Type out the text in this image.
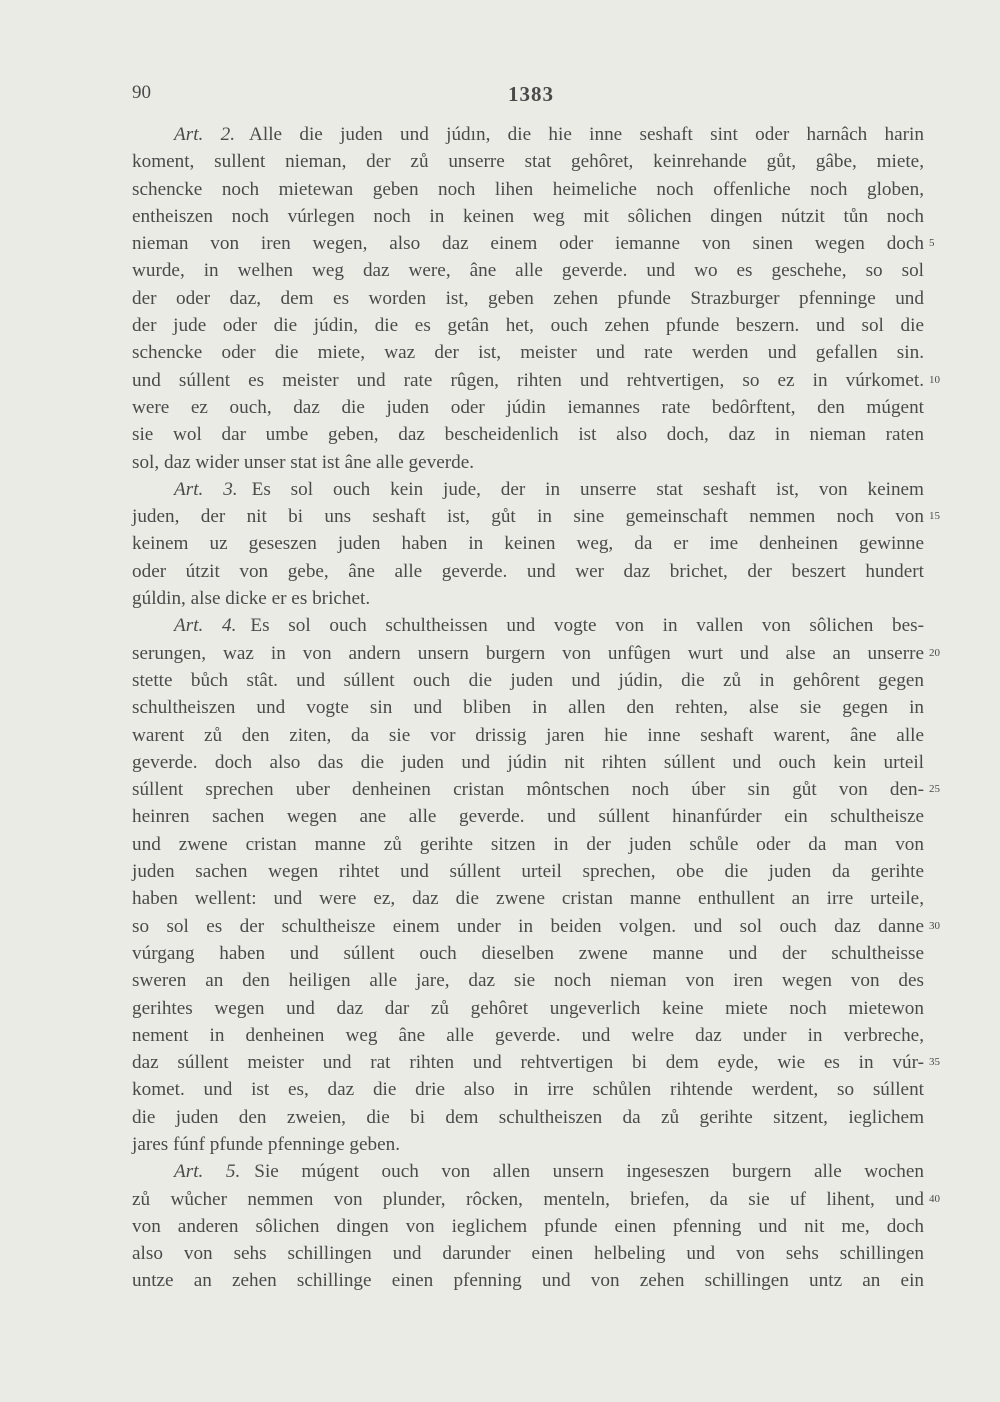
90	1383
Art. 2. Alle die juden und júdın, die hie inne seshaft sint oder harnâch harin
koment, sullent nieman, der zů unserre stat gehôret, keinrehande gůt, gâbe, miete,
schencke noch mietewan geben noch lihen heimeliche noch offenliche noch globen,
entheiszen noch vúrlegen noch in keinen weg mit sôlichen dingen nútzit tůn noch
nieman von iren wegen, also daz einem oder iemanne von sinen wegen doch 5
wurde, in welhen weg daz were, âne alle geverde. und wo es geschehe, so sol
der oder daz, dem es worden ist, geben zehen pfunde Strazburger pfenninge und
der jude oder die júdin, die es getân het, ouch zehen pfunde beszern. und sol die
schencke oder die miete, waz der ist, meister und rate werden und gefallen sin.
und súllent es meister und rate rûgen, rihten und rehtvertigen, so ez in vúrkomet. 10
were ez ouch, daz die juden oder júdin iemannes rate bedôrftent, den múgent
sie wol dar umbe geben, daz bescheidenlich ist also doch, daz in nieman raten
sol, daz wider unser stat ist âne alle geverde.
Art. 3. Es sol ouch kein jude, der in unserre stat seshaft ist, von keinem
juden, der nit bi uns seshaft ist, gůt in sine gemeinschaft nemmen noch von 15
keinem uz geseszen juden haben in keinen weg, da er ime denheinen gewinne
oder útzit von gebe, âne alle geverde. und wer daz brichet, der beszert hundert
gúldin, alse dicke er es brichet.
Art. 4. Es sol ouch schultheissen und vogte von in vallen von sôlichen bes-
serungen, waz in von andern unsern burgern von unfûgen wurt und alse an unserre 20
stette bůch stât. und súllent ouch die juden und júdin, die zů in gehôrent gegen
schultheiszen und vogte sin und bliben in allen den rehten, alse sie gegen in
warent zů den ziten, da sie vor drissig jaren hie inne seshaft warent, âne alle
geverde. doch also das die juden und júdin nit rihten súllent und ouch kein urteil
súllent sprechen uber denheinen cristan môntschen noch úber sin gůt von den- 25
heinren sachen wegen ane alle geverde. und súllent hinanfúrder ein schultheisze
und zwene cristan manne zů gerihte sitzen in der juden schůle oder da man von
juden sachen wegen rihtet und súllent urteil sprechen, obe die juden da gerihte
haben wellent: und were ez, daz die zwene cristan manne enthullent an irre urteile,
so sol es der schultheisze einem under in beiden volgen. und sol ouch daz danne 30
vúrgang haben und súllent ouch dieselben zwene manne und der schultheisse
sweren an den heiligen alle jare, daz sie noch nieman von iren wegen von des
gerihtes wegen und daz dar zů gehôret ungeverlich keine miete noch mietewon
nement in denheinen weg âne alle geverde. und welre daz under in verbreche,
daz súllent meister und rat rihten und rehtvertigen bi dem eyde, wie es in vúr- 35
komet. und ist es, daz die drie also in irre schůlen rihtende werdent, so súllent
die juden den zweien, die bi dem schultheiszen da zů gerihte sitzent, ieglichem
jares fúnf pfunde pfenninge geben.
Art. 5. Sie múgent ouch von allen unsern ingeseszen burgern alle wochen
zů wůcher nemmen von plunder, rôcken, menteln, briefen, da sie uf lihent, und 40
von anderen sôlichen dingen von ieglichem pfunde einen pfenning und nit me, doch
also von sehs schillingen und darunder einen helbeling und von sehs schillingen
untze an zehen schillinge einen pfenning und von zehen schillingen untz an ein
